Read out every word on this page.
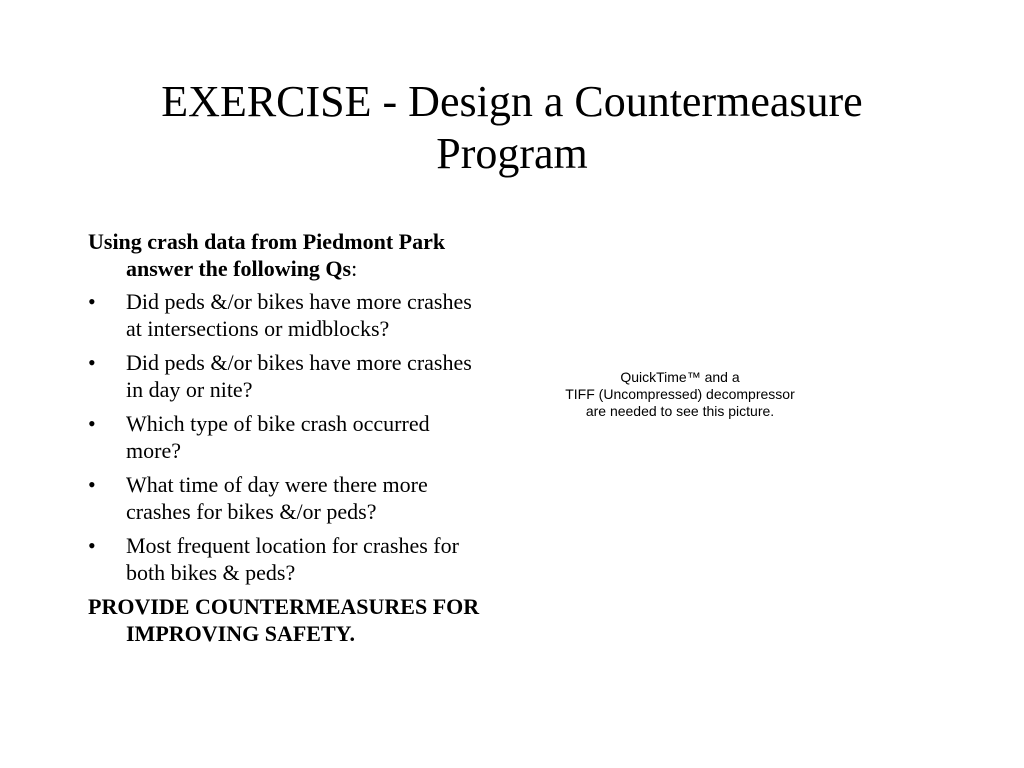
EXERCISE - Design a Countermeasure
Program

Using crash data from Piedmont Park answer the following Qs:

• Did peds &/or bikes have more crashes at intersections or midblocks?
• Did peds &/or bikes have more crashes in day or nite?
• Which type of bike crash occurred more?
• What time of day were there more crashes for bikes &/or peds?
• Most frequent location for crashes for both bikes & peds?

PROVIDE COUNTERMEASURES FOR IMPROVING SAFETY.

QuickTime™ and a
TIFF (Uncompressed) decompressor
are needed to see this picture.
